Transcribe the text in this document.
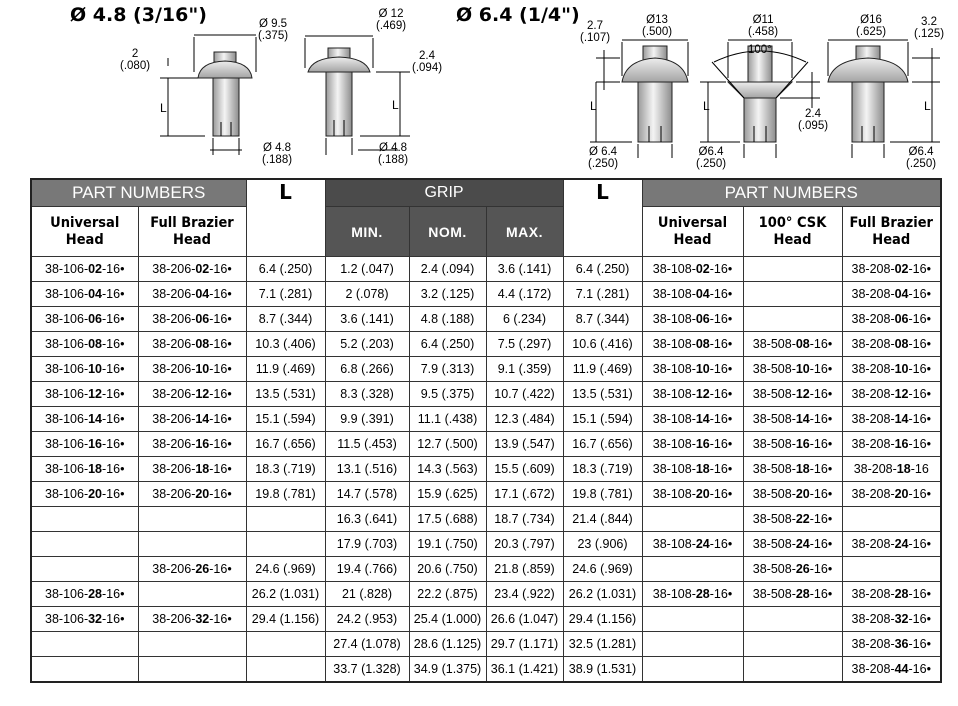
Ø 4.8 (3/16")	Ø 6.4 (1/4")
Ø 9.5
(.375)
2
(.080)
Ø 4.8
(.188)
L
Ø 12
(.469)
2.4
(.094)
Ø 4.8
(.188)
L
2.7
(.107)
Ø13
(.500)
Ø 6.4
(.250)
L
Ø11
(.458)
100°
2.4
(.095)
Ø6.4
(.250)
L
Ø16
(.625)
3.2
(.125)
Ø6.4
(.250)
L
PART NUMBERS		L	GRIP			L	PART NUMBERS		
Universal
Head	Full Brazier
Head		MIN.	NOM.	MAX.		Universal
Head	100° CSK
Head	Full Brazier
Head
38-106-02-16•	38-206-02-16•	6.4 (.250)	1.2 (.047)	2.4 (.094)	3.6 (.141)	6.4 (.250)	38-108-02-16•		38-208-02-16•
38-106-04-16•	38-206-04-16•	7.1 (.281)	2 (.078)	3.2 (.125)	4.4 (.172)	7.1 (.281)	38-108-04-16•		38-208-04-16•
38-106-06-16•	38-206-06-16•	8.7 (.344)	3.6 (.141)	4.8 (.188)	6 (.234)	8.7 (.344)	38-108-06-16•		38-208-06-16•
38-106-08-16•	38-206-08-16•	10.3 (.406)	5.2 (.203)	6.4 (.250)	7.5 (.297)	10.6 (.416)	38-108-08-16•	38-508-08-16•	38-208-08-16•
38-106-10-16•	38-206-10-16•	11.9 (.469)	6.8 (.266)	7.9 (.313)	9.1 (.359)	11.9 (.469)	38-108-10-16•	38-508-10-16•	38-208-10-16•
38-106-12-16•	38-206-12-16•	13.5 (.531)	8.3 (.328)	9.5 (.375)	10.7 (.422)	13.5 (.531)	38-108-12-16•	38-508-12-16•	38-208-12-16•
38-106-14-16•	38-206-14-16•	15.1 (.594)	9.9 (.391)	11.1 (.438)	12.3 (.484)	15.1 (.594)	38-108-14-16•	38-508-14-16•	38-208-14-16•
38-106-16-16•	38-206-16-16•	16.7 (.656)	11.5 (.453)	12.7 (.500)	13.9 (.547)	16.7 (.656)	38-108-16-16•	38-508-16-16•	38-208-16-16•
38-106-18-16•	38-206-18-16•	18.3 (.719)	13.1 (.516)	14.3 (.563)	15.5 (.609)	18.3 (.719)	38-108-18-16•	38-508-18-16•	38-208-18-16
38-106-20-16•	38-206-20-16•	19.8 (.781)	14.7 (.578)	15.9 (.625)	17.1 (.672)	19.8 (.781)	38-108-20-16•	38-508-20-16•	38-208-20-16•
			16.3 (.641)	17.5 (.688)	18.7 (.734)	21.4 (.844)		38-508-22-16•	
			17.9 (.703)	19.1 (.750)	20.3 (.797)	23 (.906)	38-108-24-16•	38-508-24-16•	38-208-24-16•
	38-206-26-16•	24.6 (.969)	19.4 (.766)	20.6 (.750)	21.8 (.859)	24.6 (.969)		38-508-26-16•	
38-106-28-16•		26.2 (1.031)	21 (.828)	22.2 (.875)	23.4 (.922)	26.2 (1.031)	38-108-28-16•	38-508-28-16•	38-208-28-16•
38-106-32-16•	38-206-32-16•	29.4 (1.156)	24.2 (.953)	25.4 (1.000)	26.6 (1.047)	29.4 (1.156)			38-208-32-16•
			27.4 (1.078)	28.6 (1.125)	29.7 (1.171)	32.5 (1.281)			38-208-36-16•
			33.7 (1.328)	34.9 (1.375)	36.1 (1.421)	38.9 (1.531)			38-208-44-16•
